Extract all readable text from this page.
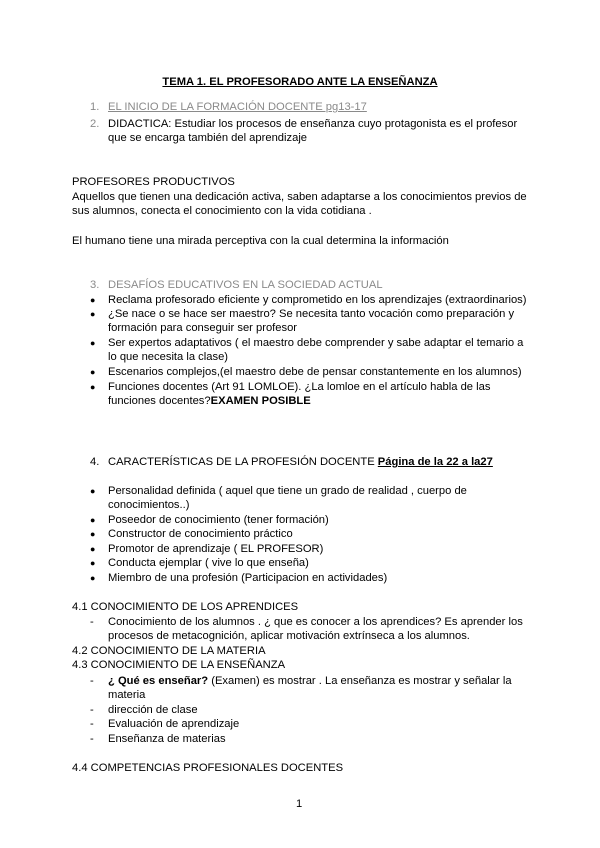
TEMA 1. EL PROFESORADO ANTE LA ENSEÑANZA
1. EL INICIO DE LA FORMACIÓN DOCENTE pg13-17
2. DIDACTICA: Estudiar los procesos de enseñanza cuyo protagonista es el profesor
que se encarga también del aprendizaje
PROFESORES PRODUCTIVOS
Aquellos que tienen una dedicación activa, saben adaptarse a los conocimientos previos de
sus alumnos, conecta el conocimiento con la vida cotidiana .
El humano tiene una mirada perceptiva con la cual determina la información
3. DESAFÍOS EDUCATIVOS EN LA SOCIEDAD ACTUAL
● Reclama profesorado eficiente y comprometido en los aprendizajes (extraordinarios)
● ¿Se nace o se hace ser maestro? Se necesita tanto vocación como preparación y
formación para conseguir ser profesor
● Ser expertos adaptativos ( el maestro debe comprender y sabe adaptar el temario a
lo que necesita la clase)
● Escenarios complejos,(el maestro debe de pensar constantemente en los alumnos)
● Funciones docentes (Art 91 LOMLOE). ¿La lomloe en el artículo habla de las
funciones docentes?EXAMEN POSIBLE
4. CARACTERÍSTICAS DE LA PROFESIÓN DOCENTE Página de la 22 a la27
● Personalidad definida ( aquel que tiene un grado de realidad , cuerpo de
conocimientos..)
● Poseedor de conocimiento (tener formación)
● Constructor de conocimiento práctico
● Promotor de aprendizaje ( EL PROFESOR)
● Conducta ejemplar ( vive lo que enseña)
● Miembro de una profesión (Participacion en actividades)
4.1 CONOCIMIENTO DE LOS APRENDICES
- Conocimiento de los alumnos . ¿ que es conocer a los aprendices? Es aprender los
procesos de metacognición, aplicar motivación extrínseca a los alumnos.
4.2 CONOCIMIENTO DE LA MATERIA
4.3 CONOCIMIENTO DE LA ENSEÑANZA
- ¿ Qué es enseñar? (Examen) es mostrar . La enseñanza es mostrar y señalar la
materia
- dirección de clase
- Evaluación de aprendizaje
- Enseñanza de materias
4.4 COMPETENCIAS PROFESIONALES DOCENTES
1
